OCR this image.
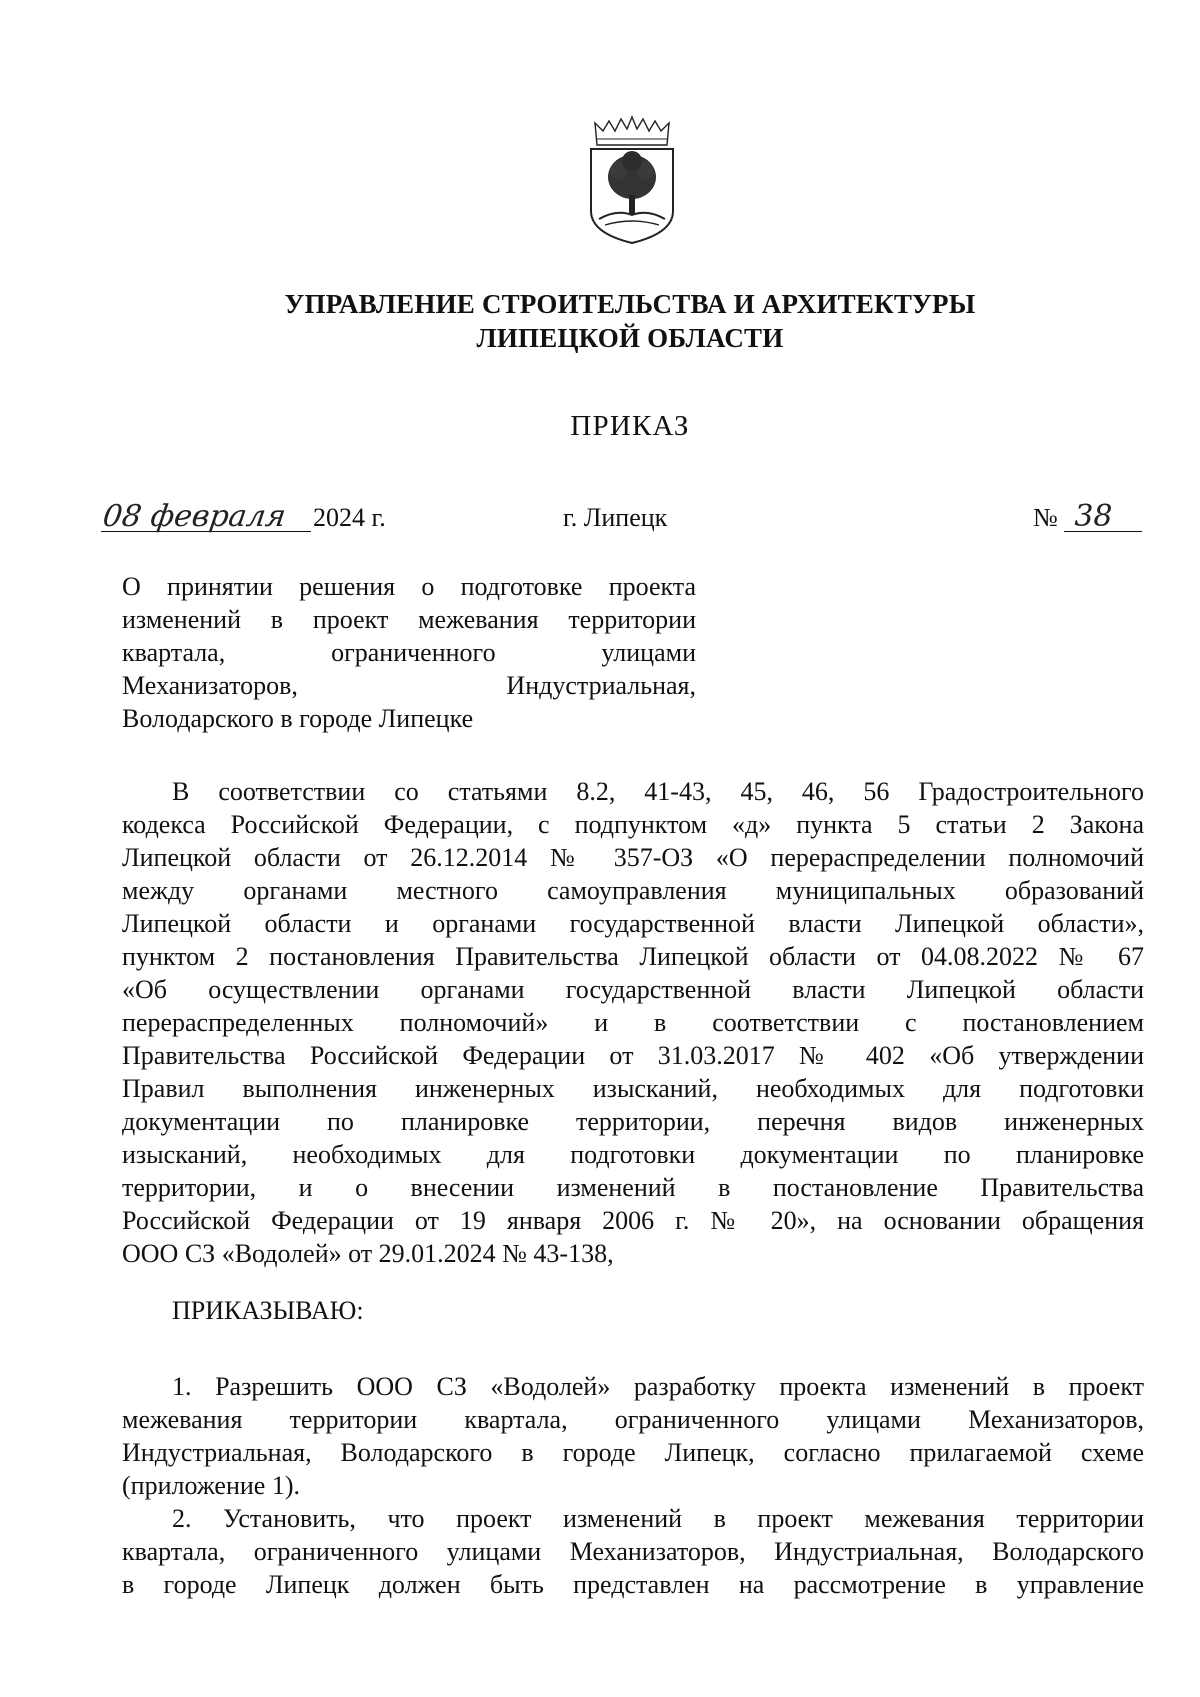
УПРАВЛЕНИЕ СТРОИТЕЛЬСТВА И АРХИТЕКТУРЫ
ЛИПЕЦКОЙ ОБЛАСТИ
ПРИКАЗ
08 февраля 2024 г.	г. Липецк	№ 38
О принятии решения о подготовке проекта
изменений в проект межевания территории
квартала, ограниченного улицами
Механизаторов, Индустриальная,
Володарского в городе Липецке
В соответствии со статьями 8.2, 41-43, 45, 46, 56 Градостроительного
кодекса Российской Федерации, с подпунктом «д» пункта 5 статьи 2 Закона
Липецкой области от 26.12.2014 № 357-ОЗ «О перераспределении полномочий
между органами местного самоуправления муниципальных образований
Липецкой области и органами государственной власти Липецкой области»,
пунктом 2 постановления Правительства Липецкой области от 04.08.2022 № 67
«Об осуществлении органами государственной власти Липецкой области
перераспределенных полномочий» и в соответствии с постановлением
Правительства Российской Федерации от 31.03.2017 № 402 «Об утверждении
Правил выполнения инженерных изысканий, необходимых для подготовки
документации по планировке территории, перечня видов инженерных
изысканий, необходимых для подготовки документации по планировке
территории, и о внесении изменений в постановление Правительства
Российской Федерации от 19 января 2006 г. № 20», на основании обращения
ООО СЗ «Водолей» от 29.01.2024 № 43-138,
ПРИКАЗЫВАЮ:
1. Разрешить ООО СЗ «Водолей» разработку проекта изменений в проект
межевания территории квартала, ограниченного улицами Механизаторов,
Индустриальная, Володарского в городе Липецк, согласно прилагаемой схеме
(приложение 1).
2. Установить, что проект изменений в проект межевания территории
квартала, ограниченного улицами Механизаторов, Индустриальная, Володарского
в городе Липецк должен быть представлен на рассмотрение в управление
